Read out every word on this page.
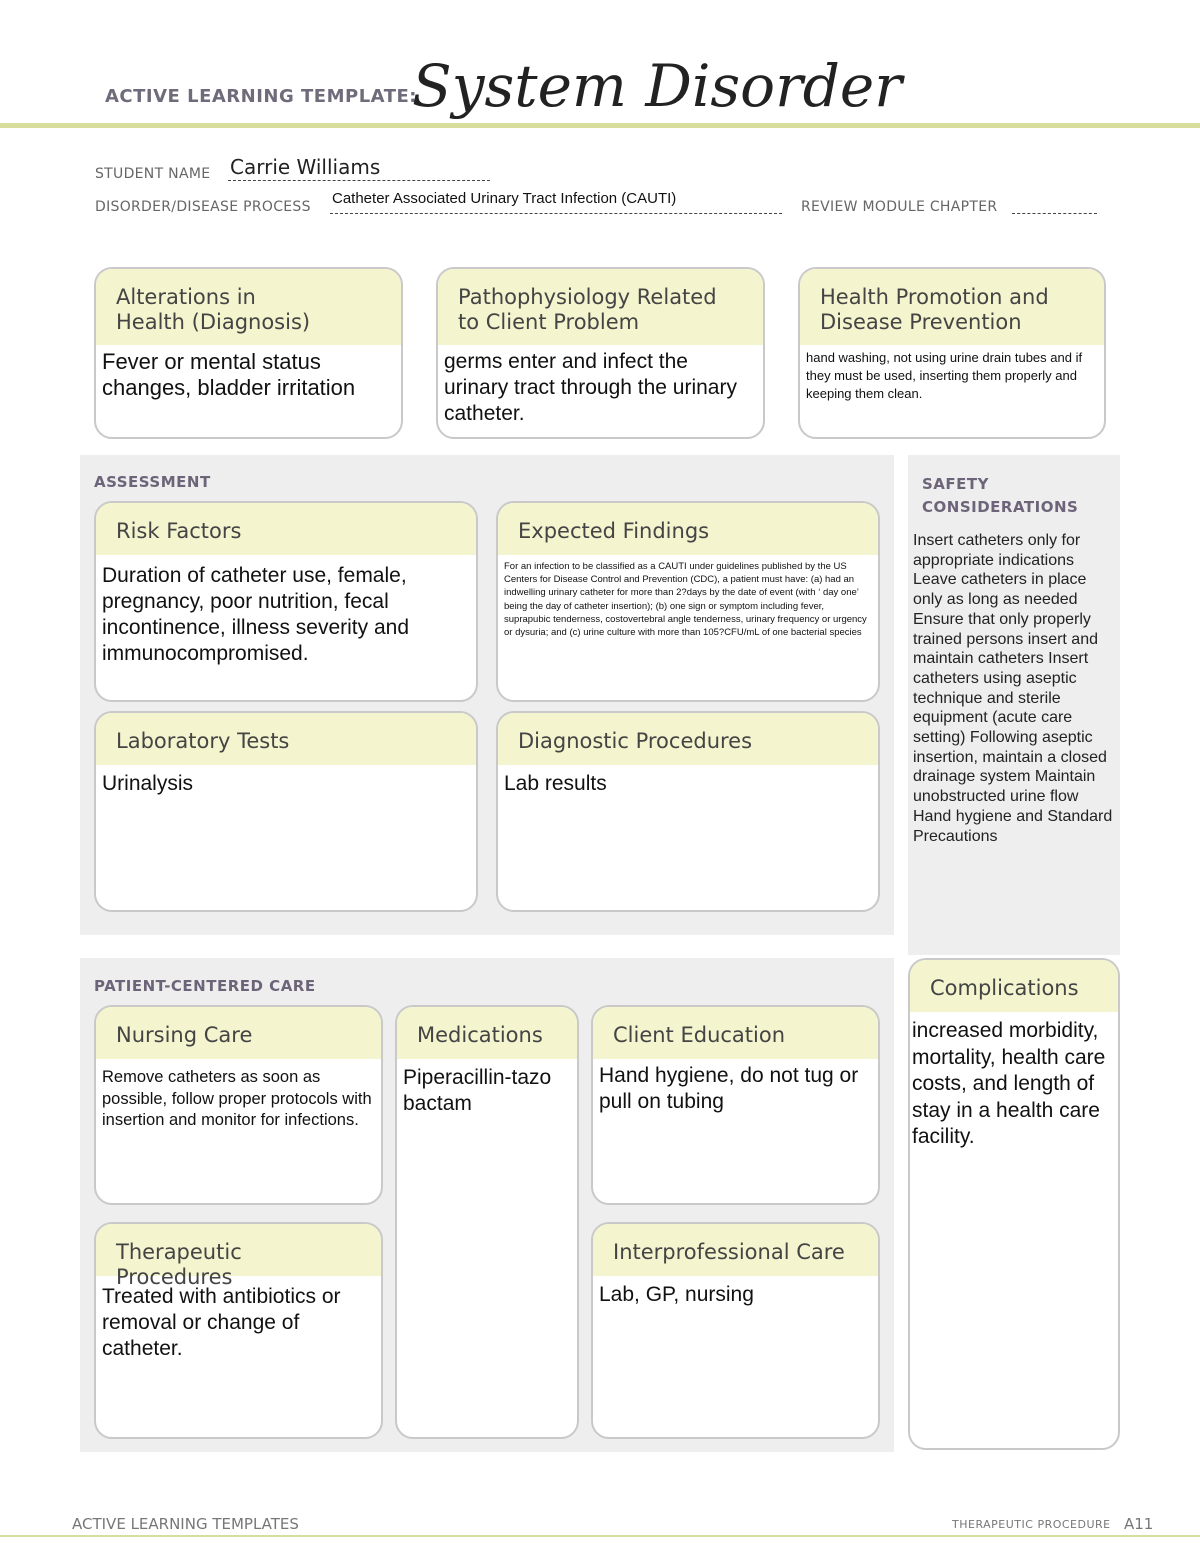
ACTIVE LEARNING TEMPLATE:
System Disorder
STUDENT NAME Carrie Williams
DISORDER/DISEASE PROCESS Catheter Associated Urinary Tract Infection (CAUTI)	REVIEW MODULE CHAPTER
Alterations in
Health (Diagnosis)
Fever or mental status changes, bladder irritation
Pathophysiology Related
to Client Problem
germs enter and infect the urinary tract through the urinary catheter.
Health Promotion and
Disease Prevention
hand washing, not using urine drain tubes and if they must be used, inserting them properly and keeping them clean.
ASSESSMENT
Risk Factors
Duration of catheter use, female, pregnancy, poor nutrition, fecal incontinence, illness severity and immunocompromised.
Expected Findings
For an infection to be classified as a CAUTI under guidelines published by the US Centers for Disease Control and Prevention (CDC), a patient must have: (a) had an indwelling urinary catheter for more than 2?days by the date of event (with ‘ day one’ being the day of catheter insertion); (b) one sign or symptom including fever, suprapubic tenderness, costovertebral angle tenderness, urinary frequency or urgency or dysuria; and (c) urine culture with more than 105?CFU/mL of one bacterial species
Laboratory Tests
Urinalysis
Diagnostic Procedures
Lab results
SAFETY
CONSIDERATIONS
Insert catheters only for appropriate indications Leave catheters in place only as long as needed Ensure that only properly trained persons insert and maintain catheters Insert catheters using aseptic technique and sterile equipment (acute care setting) Following aseptic insertion, maintain a closed drainage system Maintain unobstructed urine flow Hand hygiene and Standard Precautions
PATIENT-CENTERED CARE
Nursing Care
Remove catheters as soon as possible, follow proper protocols with insertion and monitor for infections.
Medications
Piperacillin-tazo bactam
Client Education
Hand hygiene, do not tug or pull on tubing
Therapeutic Procedures
Treated with antibiotics or removal or change of catheter.
Interprofessional Care
Lab, GP, nursing
Complications
increased morbidity, mortality, health care costs, and length of stay in a health care facility.
ACTIVE LEARNING TEMPLATES	THERAPEUTIC PROCEDURE A11
